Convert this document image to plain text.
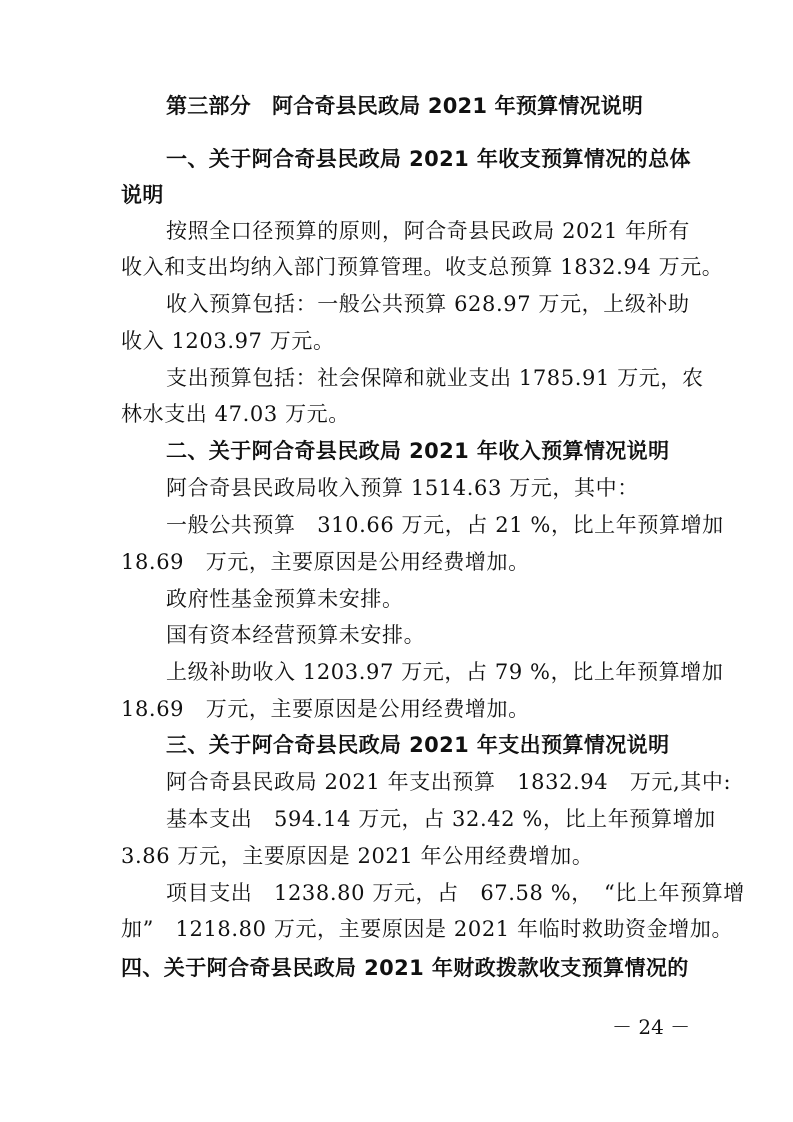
第三部分　阿合奇县民政局 2021 年预算情况说明
一、关于阿合奇县民政局 2021 年收支预算情况的总体
说明
按照全口径预算的原则，阿合奇县民政局 2021 年所有
收入和支出均纳入部门预算管理。收支总预算 1832.94 万元。
收入预算包括：一般公共预算 628.97 万元，上级补助
收入 1203.97 万元。
支出预算包括：社会保障和就业支出 1785.91 万元，农
林水支出 47.03 万元。
二、关于阿合奇县民政局 2021 年收入预算情况说明
阿合奇县民政局收入预算 1514.63 万元，其中：
一般公共预算　310.66 万元，占 21 %，比上年预算增加
18.69　万元，主要原因是公用经费增加。
政府性基金预算未安排。
国有资本经营预算未安排。
上级补助收入 1203.97 万元，占 79 %，比上年预算增加
18.69　万元，主要原因是公用经费增加。
三、关于阿合奇县民政局 2021 年支出预算情况说明
阿合奇县民政局 2021 年支出预算　1832.94　万元,其中:
基本支出　594.14 万元，占 32.42 %，比上年预算增加
3.86 万元，主要原因是 2021 年公用经费增加。
项目支出　1238.80 万元，占　67.58 %，　“比上年预算增
加”　1218.80 万元，主要原因是 2021 年临时救助资金增加。
四、关于阿合奇县民政局 2021 年财政拨款收支预算情况的
－ 24 －
